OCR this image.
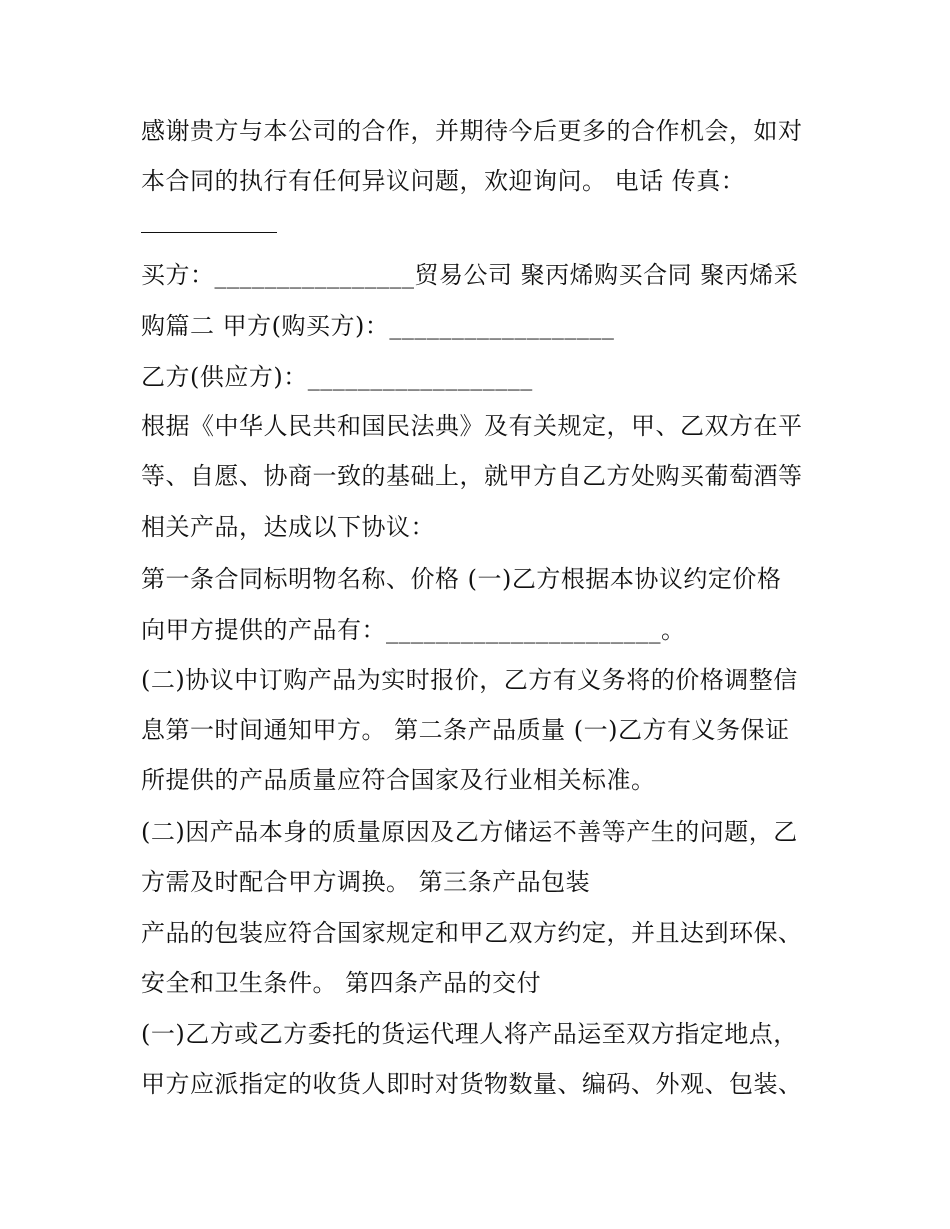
感谢贵方与本公司的合作，并期待今后更多的合作机会，如对
本合同的执行有任何异议问题，欢迎询问。 电话 传真：
买方：________________贸易公司 聚丙烯购买合同 聚丙烯采
购篇二 甲方(购买方)：__________________
乙方(供应方)：__________________
根据《中华人民共和国民法典》及有关规定，甲、乙双方在平
等、自愿、协商一致的基础上，就甲方自乙方处购买葡萄酒等
相关产品，达成以下协议：
第一条合同标明物名称、价格 (一)乙方根据本协议约定价格
向甲方提供的产品有：______________________。
(二)协议中订购产品为实时报价，乙方有义务将的价格调整信
息第一时间通知甲方。 第二条产品质量 (一)乙方有义务保证
所提供的产品质量应符合国家及行业相关标准。
(二)因产品本身的质量原因及乙方储运不善等产生的问题，乙
方需及时配合甲方调换。 第三条产品包装
产品的包装应符合国家规定和甲乙双方约定，并且达到环保、
安全和卫生条件。 第四条产品的交付
(一)乙方或乙方委托的货运代理人将产品运至双方指定地点，
甲方应派指定的收货人即时对货物数量、编码、外观、包装、
